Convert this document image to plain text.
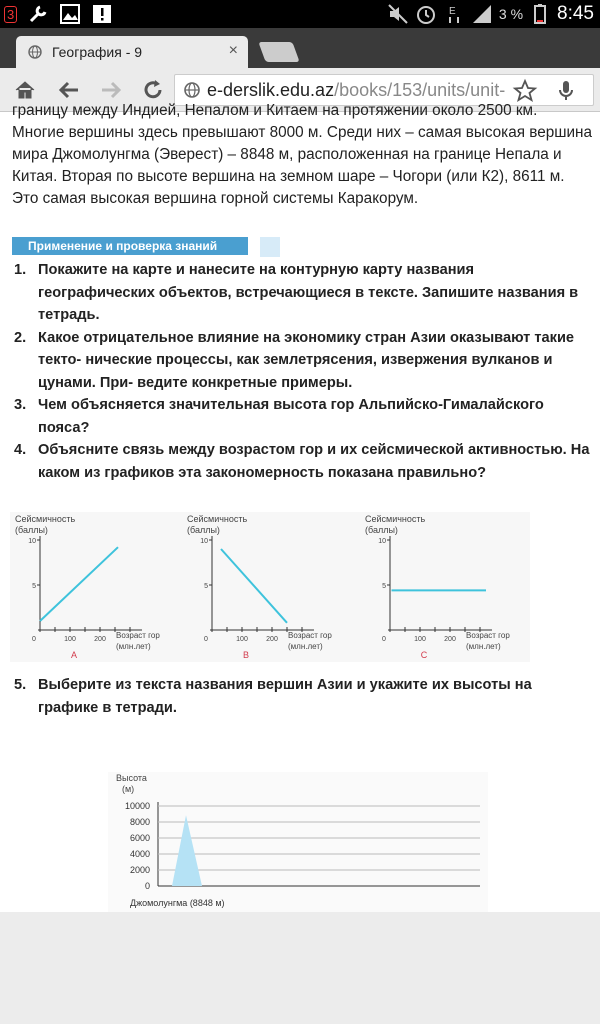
3	E	3 % 8:45
География - 9	×
e-derslik.edu.az /books/153/units/unit-

границу между Индией, Непалом и Китаем на протяжении около 2500 км. Многие вершины здесь превышают 8000 м. Среди них – самая высокая вершина мира Джомолунгма (Эверест) – 8848 м, расположенная на границе Непала и Китая. Вторая по высоте вершина на земном шаре – Чогори (или К2), 8611 м. Это самая высокая вершина горной системы Каракорум.

Применение и проверка знаний
1. Покажите на карте и нанесите на контурную карту названия географических объектов, встречающиеся в тексте. Запишите названия в тетрадь.
2. Какое отрицательное влияние на экономику стран Азии оказывают такие текто- нические процессы, как землетрясения, извержения вулканов и цунами. При- ведите конкретные примеры.
3. Чем объясняется значительная высота гор Альпийско-Гималайского пояса?
4. Объясните связь между возрастом гор и их сейсмической активностью. На каком из графиков эта закономерность показана правильно?
Сейсмичность
(баллы)
5
10
0	100	200 Возраст гор
(млн.лет)
A
Сейсмичность
(баллы)
5
10
0	100	200 Возраст гор
(млн.лет)
B
Сейсмичность
(баллы)
5
10
0	100	200 Возраст гор
(млн.лет)
C
5. Выберите из текста названия вершин Азии и укажите их высоты на графике в тетради.
Высота
(м)
0
2000
4000
6000
8000
10000
Джомолунгма (8848 м)
